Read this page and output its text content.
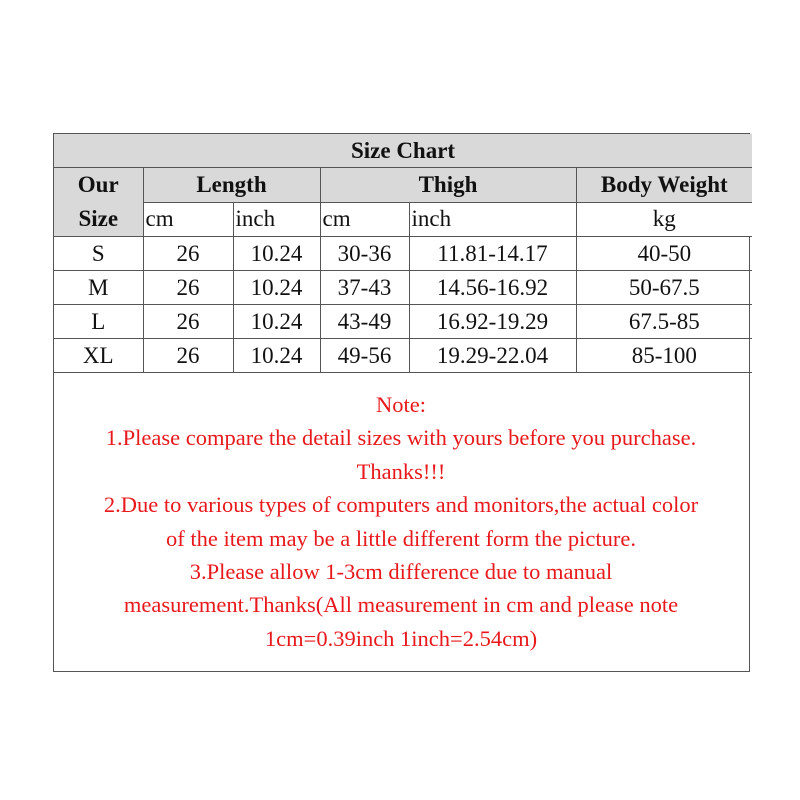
Size Chart					

Our
Size	Length		Thigh		Body Weight
	cm	inch	cm	inch	kg
S	26	10.24	30-36	11.81-14.17	40-50
M	26	10.24	37-43	14.56-16.92	50-67.5
L	26	10.24	43-49	16.92-19.29	67.5-85
XL	26	10.24	49-56	19.29-22.04	85-100
Note:
1.Please compare the detail sizes with yours before you purchase.
Thanks!!!
2.Due to various types of computers and monitors,the actual color
of the item may be a little different form the picture.
3.Please allow 1-3cm difference due to manual
measurement.Thanks(All measurement in cm and please note
1cm=0.39inch 1inch=2.54cm)
